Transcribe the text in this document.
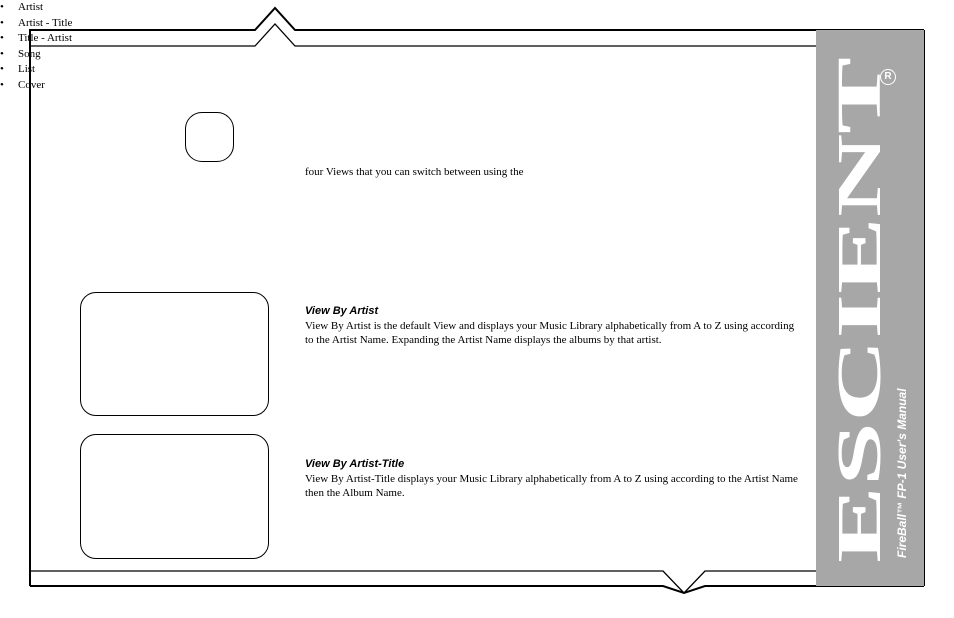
ESCIENT
R
FireBall™ FP-1 User's Manual
four Views that you can switch between using the
• Artist
• Artist - Title
• Title - Artist
• Song
• List
• Cover
View By Artist
View By Artist is the default View and displays your Music Library alphabetically from A to Z using according to the Artist Name. Expanding the Artist Name displays the albums by that artist.
View By Artist-Title
View By Artist-Title displays your Music Library alphabetically from A to Z using according to the Artist Name then the Album Name.
